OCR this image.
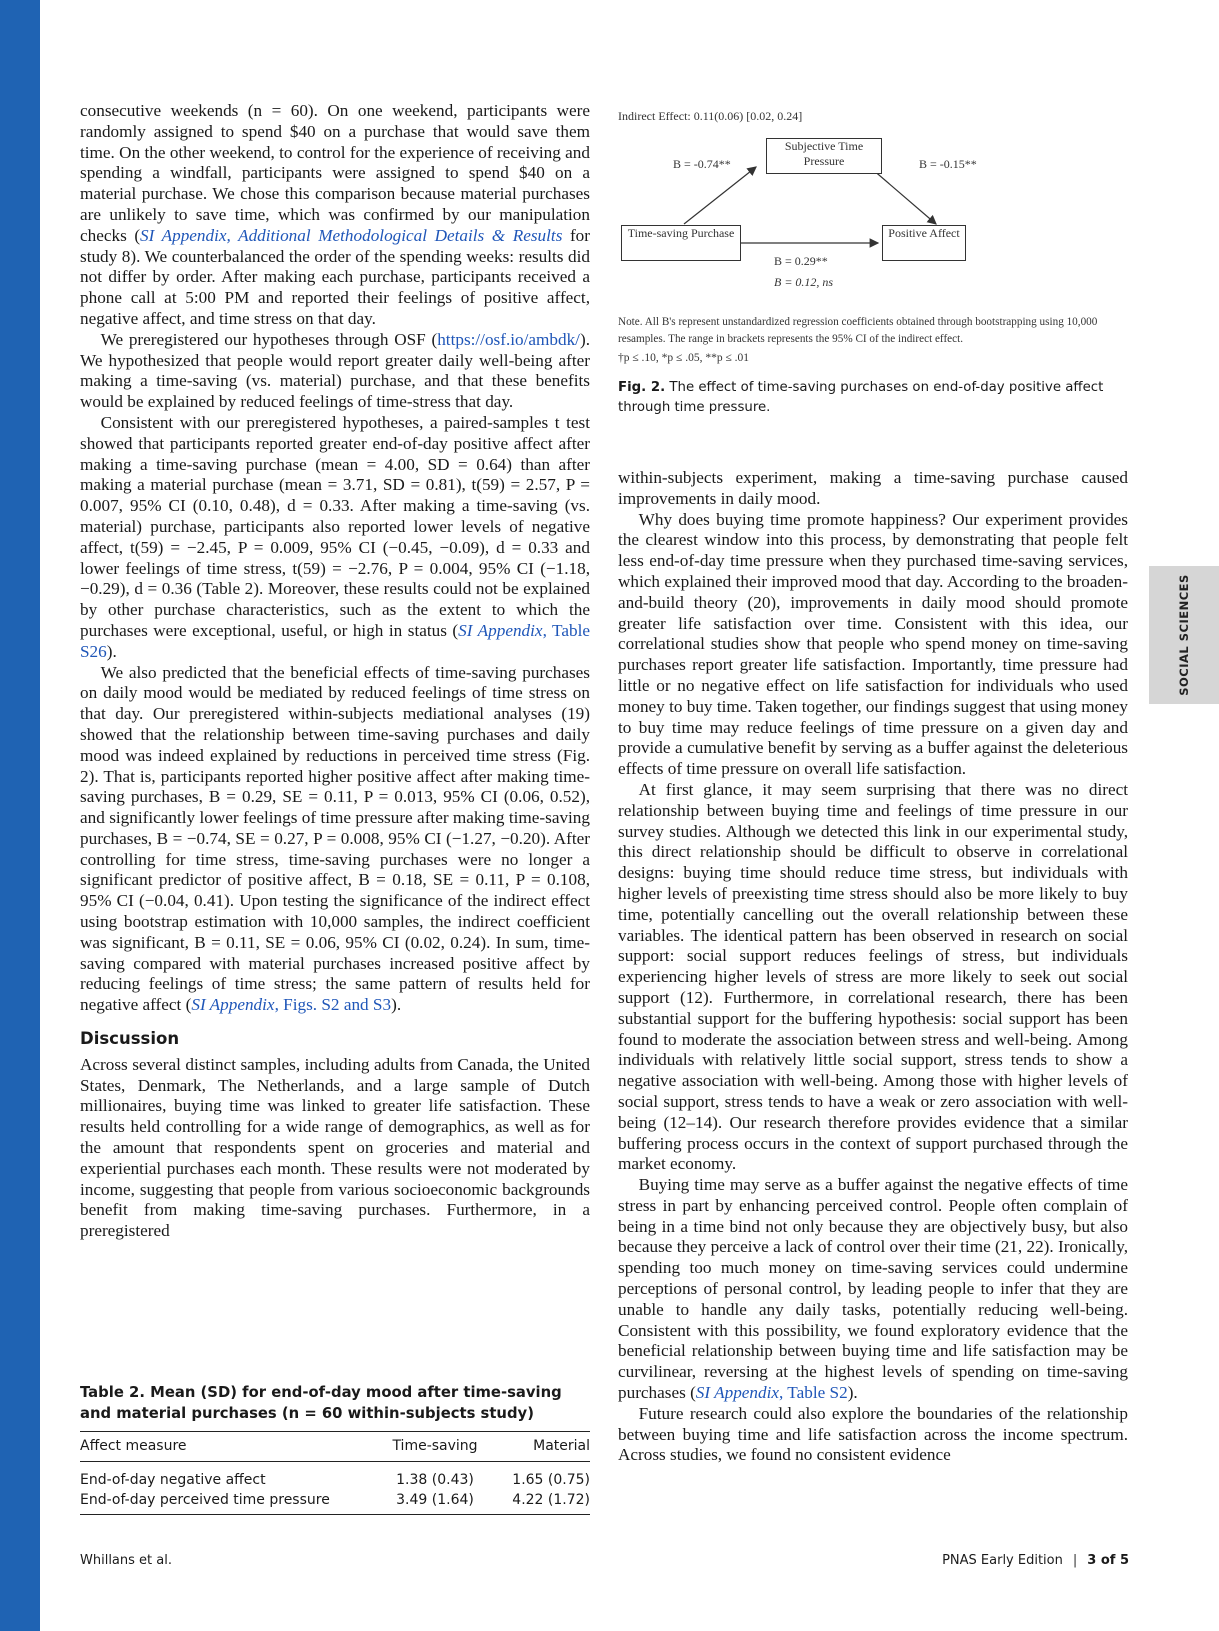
PNAS
PNAS
PNAS
PNAS
PNAS
SOCIAL SCIENCES

consecutive weekends (n = 60). On one weekend, participants were randomly assigned to spend $40 on a purchase that would save them time. On the other weekend, to control for the experience of receiving and spending a windfall, participants were assigned to spend $40 on a material purchase. We chose this comparison because material purchases are unlikely to save time, which was confirmed by our manipulation checks (SI Appendix, Additional Methodological Details & Results for study 8). We counterbalanced the order of the spending weeks: results did not differ by order. After making each purchase, participants received a phone call at 5:00 PM and reported their feelings of positive affect, negative affect, and time stress on that day.

We preregistered our hypotheses through OSF (https://osf.io/ambdk/). We hypothesized that people would report greater daily well-being after making a time-saving (vs. material) purchase, and that these benefits would be explained by reduced feelings of time-stress that day.

Consistent with our preregistered hypotheses, a paired-samples t test showed that participants reported greater end-of-day positive affect after making a time-saving purchase (mean = 4.00, SD = 0.64) than after making a material purchase (mean = 3.71, SD = 0.81), t(59) = 2.57, P = 0.007, 95% CI (0.10, 0.48), d = 0.33. After making a time-saving (vs. material) purchase, participants also reported lower levels of negative affect, t(59) = −2.45, P = 0.009, 95% CI (−0.45, −0.09), d = 0.33 and lower feelings of time stress, t(59) = −2.76, P = 0.004, 95% CI (−1.18, −0.29), d = 0.36 (Table 2). Moreover, these results could not be explained by other purchase characteristics, such as the extent to which the purchases were exceptional, useful, or high in status (SI Appendix, Table S26).

We also predicted that the beneficial effects of time-saving purchases on daily mood would be mediated by reduced feelings of time stress on that day. Our preregistered within-subjects mediational analyses (19) showed that the relationship between time-saving purchases and daily mood was indeed explained by reductions in perceived time stress (Fig. 2). That is, participants reported higher positive affect after making time-saving purchases, B = 0.29, SE = 0.11, P = 0.013, 95% CI (0.06, 0.52), and significantly lower feelings of time pressure after making time-saving purchases, B = −0.74, SE = 0.27, P = 0.008, 95% CI (−1.27, −0.20). After controlling for time stress, time-saving purchases were no longer a significant predictor of positive affect, B = 0.18, SE = 0.11, P = 0.108, 95% CI (−0.04, 0.41). Upon testing the significance of the indirect effect using bootstrap estimation with 10,000 samples, the indirect coefficient was significant, B = 0.11, SE = 0.06, 95% CI (0.02, 0.24). In sum, time-saving compared with material purchases increased positive affect by reducing feelings of time stress; the same pattern of results held for negative affect (SI Appendix, Figs. S2 and S3).

Discussion

Across several distinct samples, including adults from Canada, the United States, Denmark, The Netherlands, and a large sample of Dutch millionaires, buying time was linked to greater life satisfaction. These results held controlling for a wide range of demographics, as well as for the amount that respondents spent on groceries and material and experiential purchases each month. These results were not moderated by income, suggesting that people from various socioeconomic backgrounds benefit from making time-saving purchases. Furthermore, in a preregistered

Table 2. Mean (SD) for end-of-day mood after time-saving and material purchases (n = 60 within-subjects study)
Affect measure	Time-saving	Material
End-of-day negative affect	1.38 (0.43)	1.65 (0.75)
End-of-day perceived time pressure	3.49 (1.64)	4.22 (1.72)
Indirect Effect: 0.11(0.06) [0.02, 0.24]
Subjective Time Pressure
Time-saving Purchase	Positive Affect
B = -0.74**	B = -0.15**
B = 0.29**
B = 0.12, ns
Note. All B's represent unstandardized regression coefficients obtained through bootstrapping using 10,000 resamples. The range in brackets represents the 95% CI of the indirect effect.
†p ≤ .10, *p ≤ .05, **p ≤ .01
Fig. 2. The effect of time-saving purchases on end-of-day positive affect through time pressure.

within-subjects experiment, making a time-saving purchase caused improvements in daily mood.

Why does buying time promote happiness? Our experiment provides the clearest window into this process, by demonstrating that people felt less end-of-day time pressure when they purchased time-saving services, which explained their improved mood that day. According to the broaden-and-build theory (20), improvements in daily mood should promote greater life satisfaction over time. Consistent with this idea, our correlational studies show that people who spend money on time-saving purchases report greater life satisfaction. Importantly, time pressure had little or no negative effect on life satisfaction for individuals who used money to buy time. Taken together, our findings suggest that using money to buy time may reduce feelings of time pressure on a given day and provide a cumulative benefit by serving as a buffer against the deleterious effects of time pressure on overall life satisfaction.

At first glance, it may seem surprising that there was no direct relationship between buying time and feelings of time pressure in our survey studies. Although we detected this link in our experimental study, this direct relationship should be difficult to observe in correlational designs: buying time should reduce time stress, but individuals with higher levels of preexisting time stress should also be more likely to buy time, potentially cancelling out the overall relationship between these variables. The identical pattern has been observed in research on social support: social support reduces feelings of stress, but individuals experiencing higher levels of stress are more likely to seek out social support (12). Furthermore, in correlational research, there has been substantial support for the buffering hypothesis: social support has been found to moderate the association between stress and well-being. Among individuals with relatively little social support, stress tends to show a negative association with well-being. Among those with higher levels of social support, stress tends to have a weak or zero association with well-being (12–14). Our research therefore provides evidence that a similar buffering process occurs in the context of support purchased through the market economy.

Buying time may serve as a buffer against the negative effects of time stress in part by enhancing perceived control. People often complain of being in a time bind not only because they are objectively busy, but also because they perceive a lack of control over their time (21, 22). Ironically, spending too much money on time-saving services could undermine perceptions of personal control, by leading people to infer that they are unable to handle any daily tasks, potentially reducing well-being. Consistent with this possibility, we found exploratory evidence that the beneficial relationship between buying time and life satisfaction may be curvilinear, reversing at the highest levels of spending on time-saving purchases (SI Appendix, Table S2).

Future research could also explore the boundaries of the relationship between buying time and life satisfaction across the income spectrum. Across studies, we found no consistent evidence

Whillans et al.	PNAS Early Edition | 3 of 5
